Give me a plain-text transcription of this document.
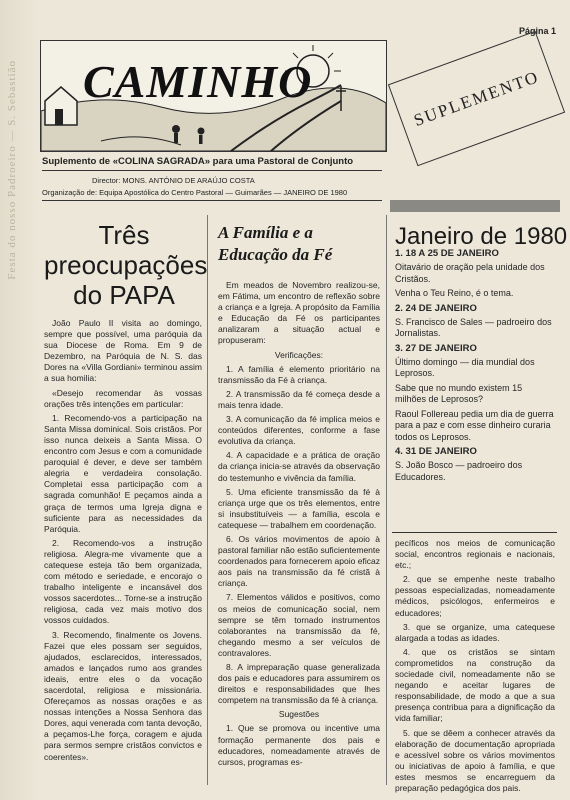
Festa do nosso Padroeiro — S. Sebastião
Página 1
CAMINHO	SUPLEMENTO
Suplemento de «COLINA SAGRADA» para uma Pastoral de Conjunto
Director: MONS. ANTÓNIO DE ARAÚJO COSTA
Organização de: Equipa Apostólica do Centro Pastoral — Guimarães — JANEIRO DE 1980
Três preocupações do PAPA

João Paulo II visita ao domingo, sempre que possível, uma paróquia da sua Diocese de Roma. Em 9 de Dezembro, na Paróquia de N. S. das Dores na «Villa Gordiani» terminou assim a sua homilia:

«Desejo recomendar às vossas orações três intenções em particular:

1. Recomendo-vos a participação na Santa Missa dominical. Sois cristãos. Por isso nunca deixeis a Santa Missa. O encontro com Jesus e com a comunidade paroquial é dever, e deve ser também alegria e verdadeira consolação. Completai essa participação com a sagrada comunhão! E peçamos ainda a graça de termos uma Igreja digna e suficiente para as necessidades da Paróquia.

2. Recomendo-vos a instrução religiosa. Alegra-me vivamente que a catequese esteja tão bem organizada, com método e seriedade, e encorajo o trabalho inteligente e incansável dos vossos sacerdotes... Torne-se a instrução religiosa, cada vez mais motivo dos vossos cuidados.

3. Recomendo, finalmente os Jovens. Fazei que eles possam ser seguidos, ajudados, esclarecidos, interessados, amados e lançados rumo aos grandes ideais, entre eles o da vocação sacerdotal, religiosa e missionária. Ofereçamos as nossas orações e as nossas intenções a Nossa Senhora das Dores, aqui venerada com tanta devoção, a peçamos-Lhe força, coragem e ajuda para sermos sempre cristãos convictos e coerentes».

A Família e a Educação da Fé

Em meados de Novembro realizou-se, em Fátima, um encontro de reflexão sobre a criança e a Igreja. A propósito da Família e Educação da Fé os participantes analizaram a situação actual e propuseram:

Verificações:

1. A família é elemento prioritário na transmissão da Fé à criança.

2. A transmissão da fé começa desde a mais tenra idade.

3. A comunicação da fé implica meios e conteúdos diferentes, conforme a fase evolutiva da criança.

4. A capacidade e a prática de oração da criança inicia-se através da observação do testemunho e vivência da família.

5. Uma eficiente transmissão da fé à criança urge que os três elementos, entre si insubstituíveis — a família, escola e catequese — trabalhem em coordenação.

6. Os vários movimentos de apoio à pastoral familiar não estão suficientemente coordenados para fornecerem apoio eficaz aos pais na transmissão da fé cristã à criança.

7. Elementos válidos e positivos, como os meios de comunicação social, nem sempre se têm tornado instrumentos colaborantes na transmissão da fé, chegando mesmo a ser veículos de contravalores.

8. A impreparação quase generalizada dos pais e educadores para assumirem os direitos e responsabilidades que lhes competem na transmissão da fé à criança.

Sugestões

1. Que se promova ou incentive uma formação permanente dos pais e educadores, nomeadamente através de cursos, programas es-

Janeiro de 1980

1. 18 A 25 DE JANEIRO

Oitavário de oração pela unidade dos Cristãos.

Venha o Teu Reino, é o tema.

2. 24 DE JANEIRO

S. Francisco de Sales — padroeiro dos Jornalistas.

3. 27 DE JANEIRO

Último domingo — dia mundial dos Leprosos.

Sabe que no mundo existem 15 milhões de Leprosos?

Raoul Follereau pedia um dia de guerra para a paz e com esse dinheiro curaria todos os Leprosos.

4. 31 DE JANEIRO

S. João Bosco — padroeiro dos Educadores.

pecíficos nos meios de comunicação social, encontros regionais e nacionais, etc.;

2. que se empenhe neste trabalho pessoas especializadas, nomeadamente médicos, psicólogos, enfermeiros e educadores;

3. que se organize, uma catequese alargada a todas as idades.

4. que os cristãos se sintam comprometidos na construção da sociedade civil, nomeadamente não se negando e aceitar lugares de responsabilidade, de modo a que a sua presença contribua para a dignificação da vida familiar;

5. que se dêem a conhecer através da elaboração de documentação apropriada e acessível sobre os vários movimentos ou iniciativas de apoio à família, e que estes mesmos se encarreguem da preparação pedagógica dos pais.
